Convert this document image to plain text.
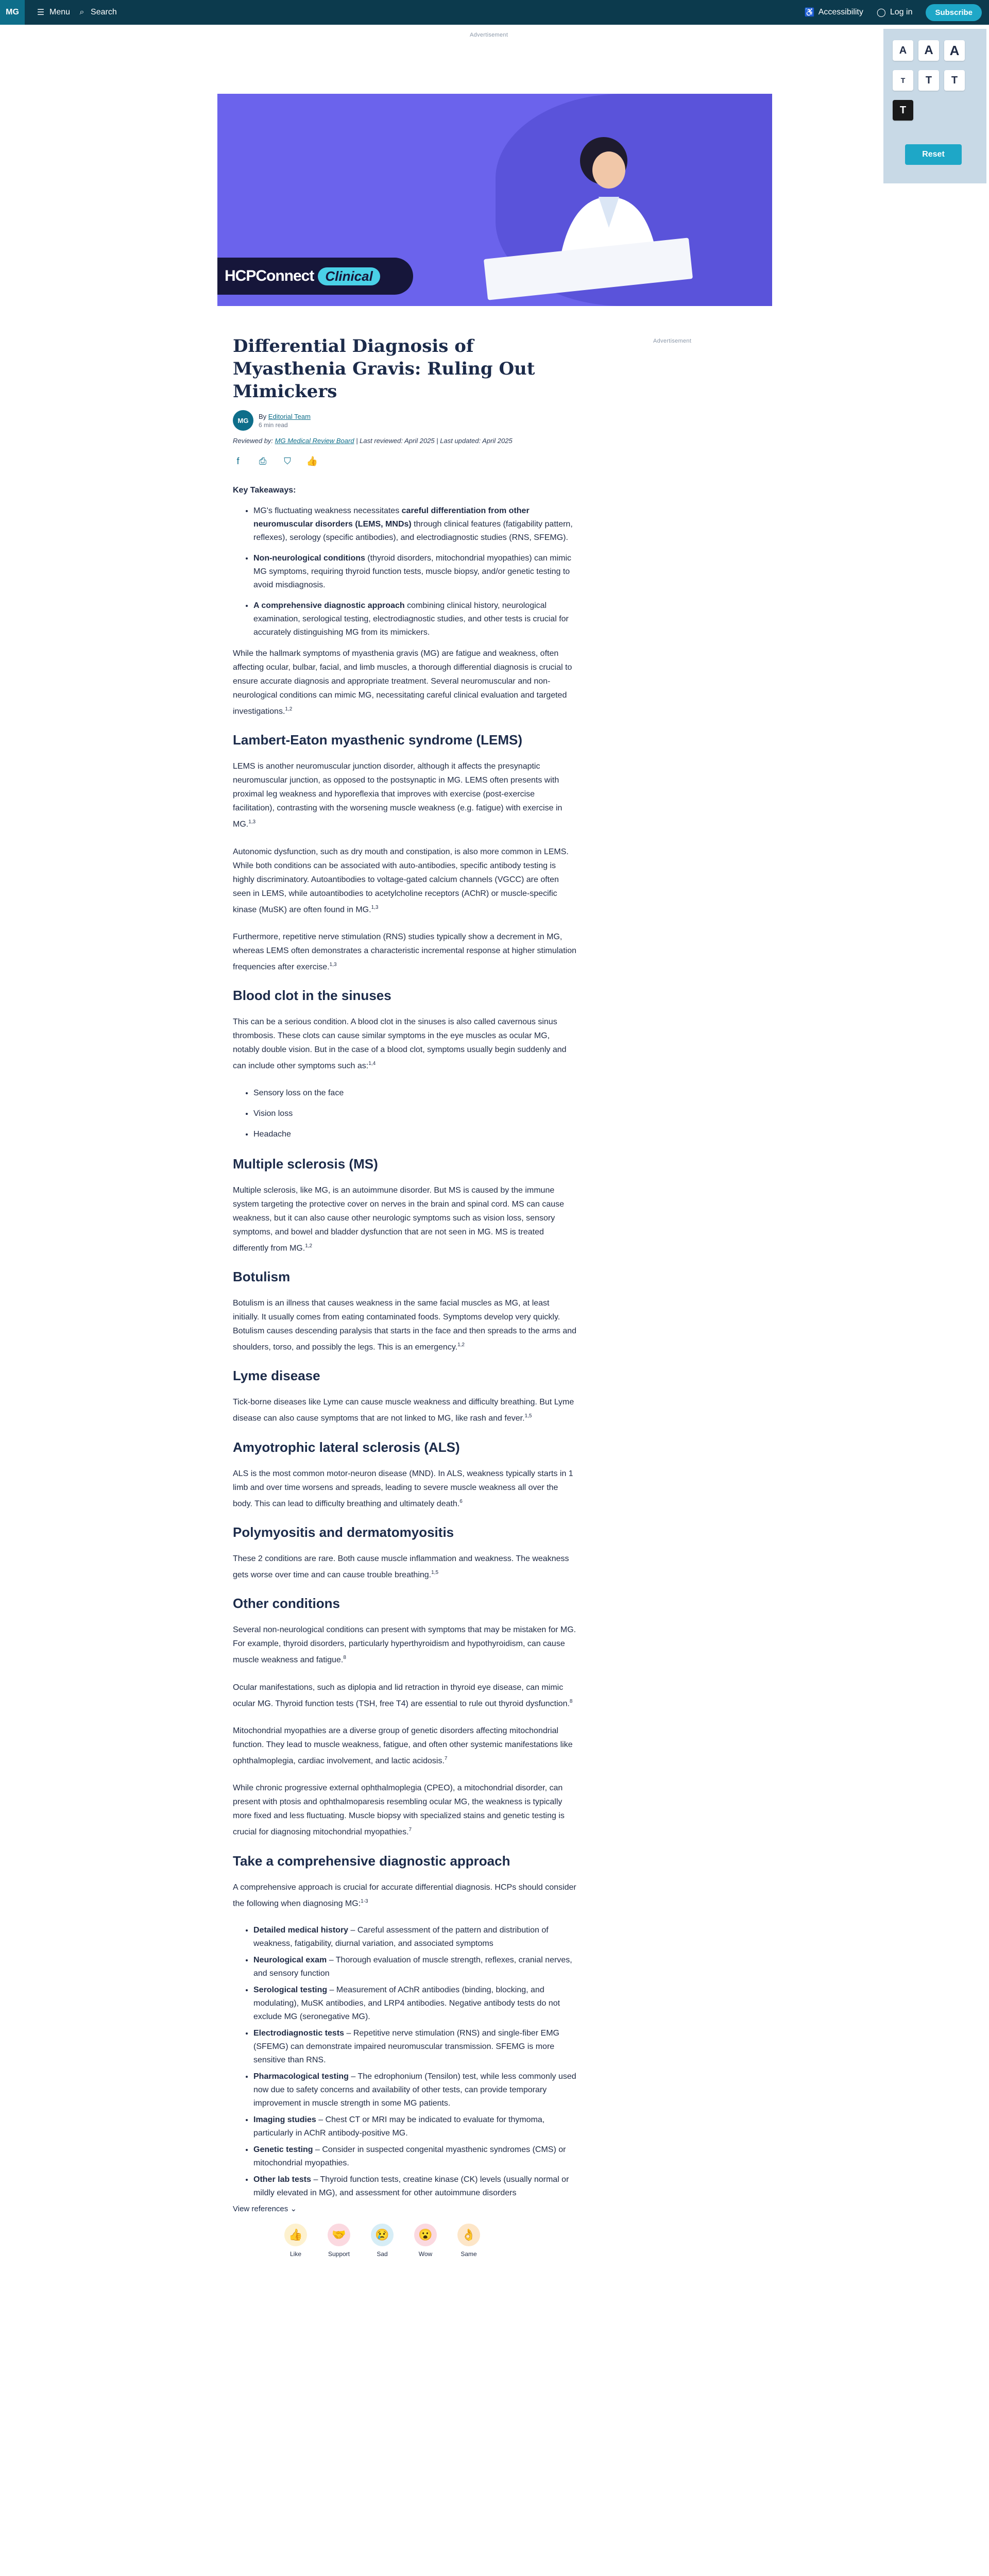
MG	☰ Menu ⌕ Search	♿ Accessibility ◯ Log in	Subscribe
A A A
T T T
T
Reset
Advertisement
Advertisement
HCPConnect Clinical
Differential Diagnosis of Myasthenia Gravis: Ruling Out Mimickers
MG
By Editorial Team
6 min read
Reviewed by: MG Medical Review Board | Last reviewed: April 2025 | Last updated: April 2025
f	⎙ ⛉ 👍
Key Takeaways:
• MG's fluctuating weakness necessitates careful differentiation from other neuromuscular disorders (LEMS, MNDs) through clinical features (fatigability pattern, reflexes), serology (specific antibodies), and electrodiagnostic studies (RNS, SFEMG).
• Non-neurological conditions (thyroid disorders, mitochondrial myopathies) can mimic MG symptoms, requiring thyroid function tests, muscle biopsy, and/or genetic testing to avoid misdiagnosis.
• A comprehensive diagnostic approach combining clinical history, neurological examination, serological testing, electrodiagnostic studies, and other tests is crucial for accurately distinguishing MG from its mimickers.

While the hallmark symptoms of myasthenia gravis (MG) are fatigue and weakness, often affecting ocular, bulbar, facial, and limb muscles, a thorough differential diagnosis is crucial to ensure accurate diagnosis and appropriate treatment. Several neuromuscular and non-neurological conditions can mimic MG, necessitating careful clinical evaluation and targeted investigations.$^{1,2}$

Lambert-Eaton myasthenic syndrome (LEMS)

LEMS is another neuromuscular junction disorder, although it affects the presynaptic neuromuscular junction, as opposed to the postsynaptic in MG. LEMS often presents with proximal leg weakness and hyporeflexia that improves with exercise (post-exercise facilitation), contrasting with the worsening muscle weakness (e.g. fatigue) with exercise in MG.$^{1,3}$

Autonomic dysfunction, such as dry mouth and constipation, is also more common in LEMS. While both conditions can be associated with auto-antibodies, specific antibody testing is highly discriminatory. Autoantibodies to voltage-gated calcium channels (VGCC) are often seen in LEMS, while autoantibodies to acetylcholine receptors (AChR) or muscle-specific kinase (MuSK) are often found in MG.$^{1,3}$

Furthermore, repetitive nerve stimulation (RNS) studies typically show a decrement in MG, whereas LEMS often demonstrates a characteristic incremental response at higher stimulation frequencies after exercise.$^{1,3}$

Blood clot in the sinuses

This can be a serious condition. A blood clot in the sinuses is also called cavernous sinus thrombosis. These clots can cause similar symptoms in the eye muscles as ocular MG, notably double vision. But in the case of a blood clot, symptoms usually begin suddenly and can include other symptoms such as:$^{1,4}$

• Sensory loss on the face
• Vision loss
• Headache
Multiple sclerosis (MS)

Multiple sclerosis, like MG, is an autoimmune disorder. But MS is caused by the immune system targeting the protective cover on nerves in the brain and spinal cord. MS can cause weakness, but it can also cause other neurologic symptoms such as vision loss, sensory symptoms, and bowel and bladder dysfunction that are not seen in MG. MS is treated differently from MG.$^{1,2}$

Botulism

Botulism is an illness that causes weakness in the same facial muscles as MG, at least initially. It usually comes from eating contaminated foods. Symptoms develop very quickly. Botulism causes descending paralysis that starts in the face and then spreads to the arms and shoulders, torso, and possibly the legs. This is an emergency.$^{1,2}$

Lyme disease

Tick-borne diseases like Lyme can cause muscle weakness and difficulty breathing. But Lyme disease can also cause symptoms that are not linked to MG, like rash and fever.$^{1,5}$

Amyotrophic lateral sclerosis (ALS)

ALS is the most common motor-neuron disease (MND). In ALS, weakness typically starts in 1 limb and over time worsens and spreads, leading to severe muscle weakness all over the body. This can lead to difficulty breathing and ultimately death.$^6$

Polymyositis and dermatomyositis

These 2 conditions are rare. Both cause muscle inflammation and weakness. The weakness gets worse over time and can cause trouble breathing.$^{1,5}$

Other conditions

Several non-neurological conditions can present with symptoms that may be mistaken for MG. For example, thyroid disorders, particularly hyperthyroidism and hypothyroidism, can cause muscle weakness and fatigue.$^8$

Ocular manifestations, such as diplopia and lid retraction in thyroid eye disease, can mimic ocular MG. Thyroid function tests (TSH, free T4) are essential to rule out thyroid dysfunction.$^8$

Mitochondrial myopathies are a diverse group of genetic disorders affecting mitochondrial function. They lead to muscle weakness, fatigue, and often other systemic manifestations like ophthalmoplegia, cardiac involvement, and lactic acidosis.$^7$

While chronic progressive external ophthalmoplegia (CPEO), a mitochondrial disorder, can present with ptosis and ophthalmoparesis resembling ocular MG, the weakness is typically more fixed and less fluctuating. Muscle biopsy with specialized stains and genetic testing is crucial for diagnosing mitochondrial myopathies.$^7$

Take a comprehensive diagnostic approach

A comprehensive approach is crucial for accurate differential diagnosis. HCPs should consider the following when diagnosing MG:$^{1-3}$

• Detailed medical history – Careful assessment of the pattern and distribution of weakness, fatigability, diurnal variation, and associated symptoms
• Neurological exam – Thorough evaluation of muscle strength, reflexes, cranial nerves, and sensory function
• Serological testing – Measurement of AChR antibodies (binding, blocking, and modulating), MuSK antibodies, and LRP4 antibodies. Negative antibody tests do not exclude MG (seronegative MG).
• Electrodiagnostic tests – Repetitive nerve stimulation (RNS) and single-fiber EMG (SFEMG) can demonstrate impaired neuromuscular transmission. SFEMG is more sensitive than RNS.
• Pharmacological testing – The edrophonium (Tensilon) test, while less commonly used now due to safety concerns and availability of other tests, can provide temporary improvement in muscle strength in some MG patients.
• Imaging studies – Chest CT or MRI may be indicated to evaluate for thymoma, particularly in AChR antibody-positive MG.
• Genetic testing – Consider in suspected congenital myasthenic syndromes (CMS) or mitochondrial myopathies.
• Other lab tests – Thyroid function tests, creatine kinase (CK) levels (usually normal or mildly elevated in MG), and assessment for other autoimmune disorders
View references ⌄
👍
Like
🤝
Support
😢
Sad
😮
Wow
👌
Same
